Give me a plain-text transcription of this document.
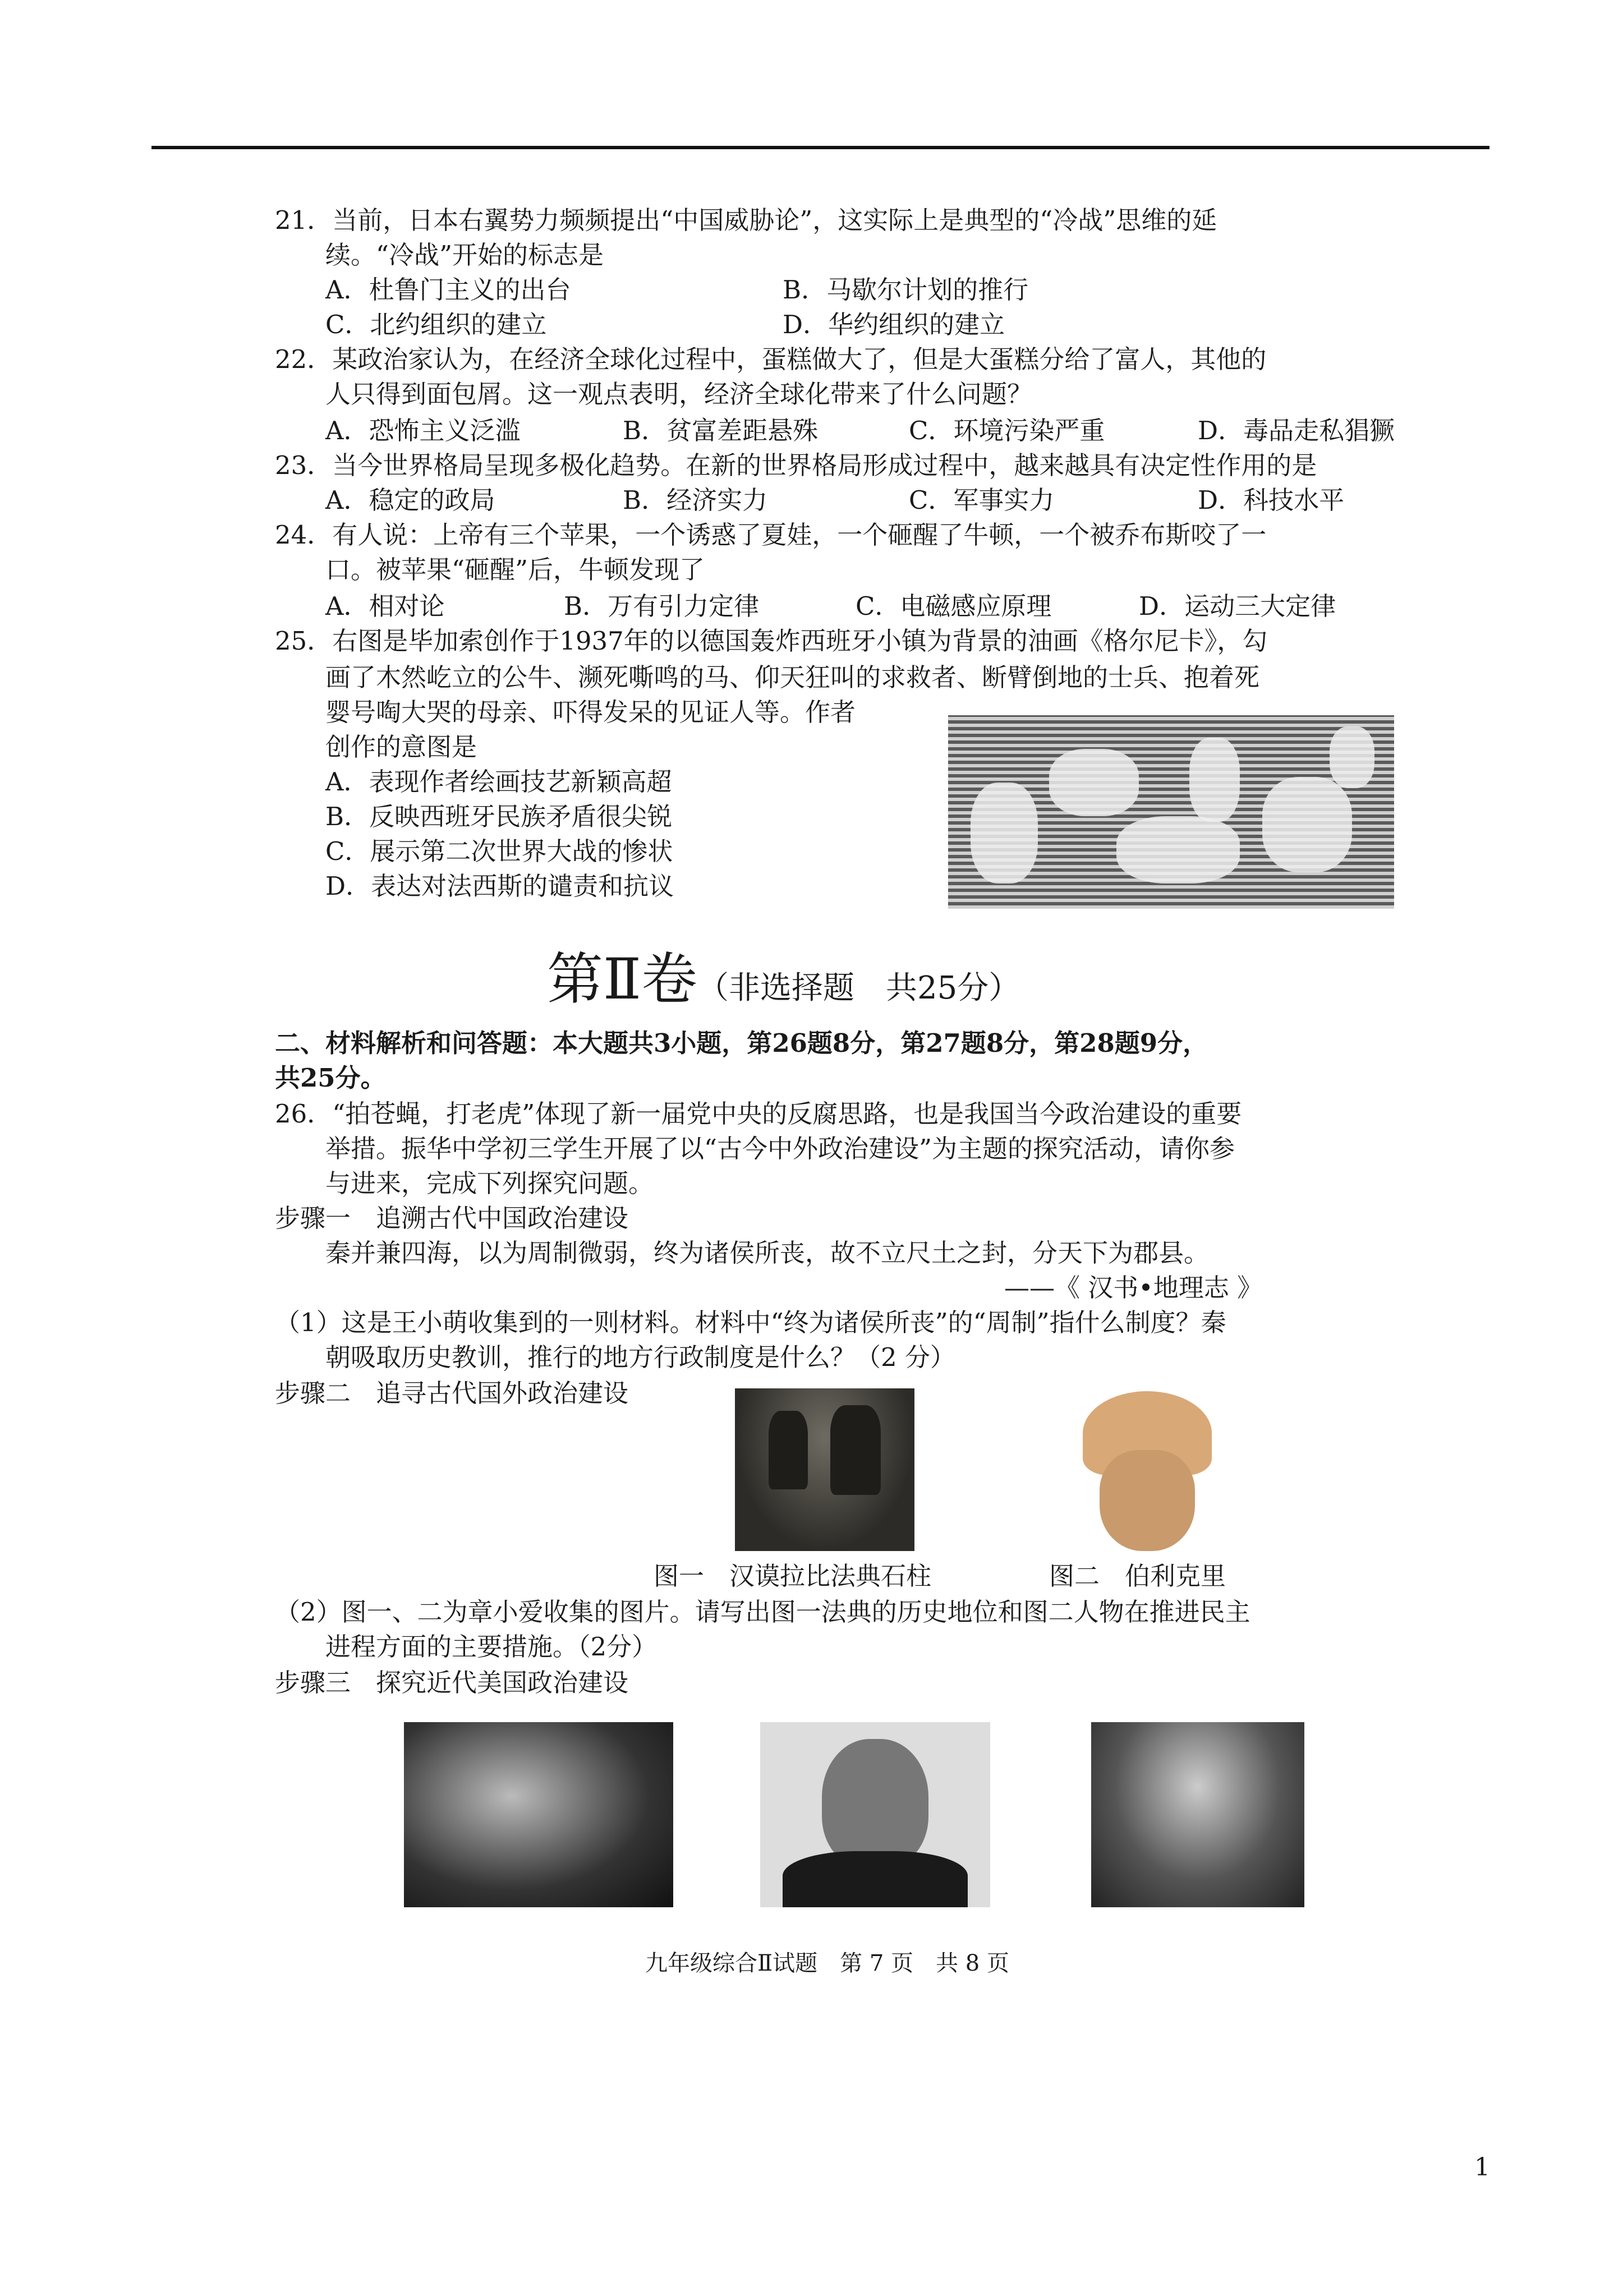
21．当前，日本右翼势力频频提出“中国威胁论”，这实际上是典型的“冷战”思维的延
续。“冷战”开始的标志是
A．杜鲁门主义的出台	B．马歇尔计划的推行
C．北约组织的建立	D．华约组织的建立
22．某政治家认为，在经济全球化过程中，蛋糕做大了，但是大蛋糕分给了富人，其他的
人只得到面包屑。这一观点表明，经济全球化带来了什么问题？
A．恐怖主义泛滥	B．贫富差距悬殊	C．环境污染严重	D．毒品走私猖獗
23．当今世界格局呈现多极化趋势。在新的世界格局形成过程中，越来越具有决定性作用的是
A．稳定的政局	B．经济实力	C．军事实力	D．科技水平
24．有人说：上帝有三个苹果，一个诱惑了夏娃，一个砸醒了牛顿，一个被乔布斯咬了一
口。被苹果“砸醒”后，牛顿发现了
A．相对论	B．万有引力定律	C．电磁感应原理	D．运动三大定律
25．右图是毕加索创作于1937年的以德国轰炸西班牙小镇为背景的油画《格尔尼卡》，勾
画了木然屹立的公牛、濒死嘶鸣的马、仰天狂叫的求救者、断臂倒地的士兵、抱着死
婴号啕大哭的母亲、吓得发呆的见证人等。作者
创作的意图是
A．表现作者绘画技艺新颖高超
B．反映西班牙民族矛盾很尖锐
C．展示第二次世界大战的惨状
D．表达对法西斯的谴责和抗议
第Ⅱ卷（非选择题　共25分）
二、材料解析和问答题：本大题共3小题，第26题8分，第27题8分，第28题9分，
共25分。
26．“拍苍蝇，打老虎”体现了新一届党中央的反腐思路，也是我国当今政治建设的重要
举措。振华中学初三学生开展了以“古今中外政治建设”为主题的探究活动，请你参
与进来，完成下列探究问题。
步骤一　追溯古代中国政治建设
秦并兼四海，以为周制微弱，终为诸侯所丧，故不立尺土之封，分天下为郡县。
——《 汉书•地理志 》
（1）这是王小萌收集到的一则材料。材料中“终为诸侯所丧”的“周制”指什么制度？秦
朝吸取历史教训，推行的地方行政制度是什么？（2 分）
步骤二　追寻古代国外政治建设
图一　汉谟拉比法典石柱	图二　伯利克里
（2）图一、二为章小爱收集的图片。请写出图一法典的历史地位和图二人物在推进民主
进程方面的主要措施。（2分）
步骤三　探究近代美国政治建设
九年级综合Ⅱ试题　第 7 页　共 8 页
1
